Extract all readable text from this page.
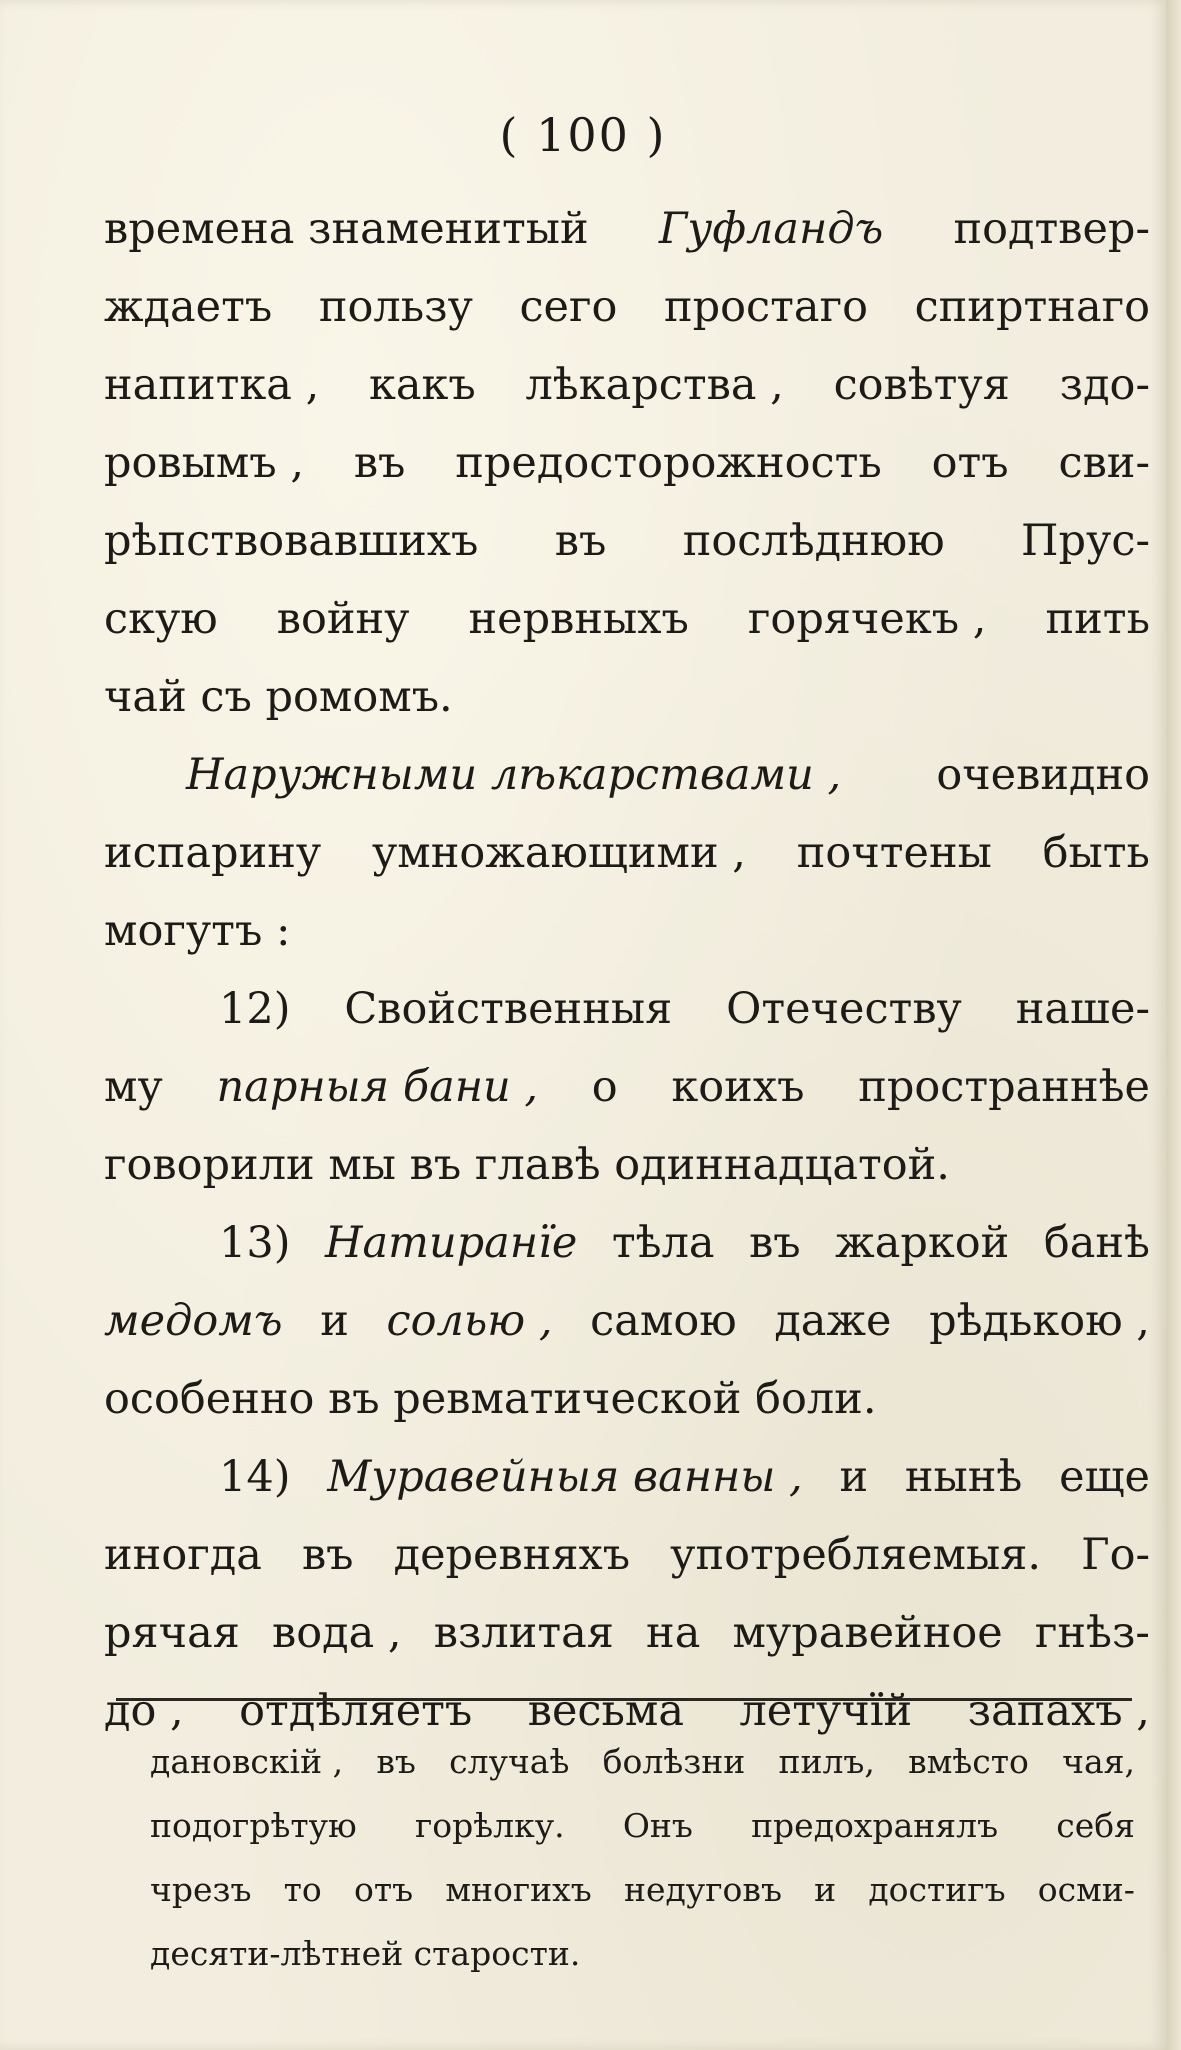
( 100 )
времена знаменитый Гуфландъ подтвер-
ждаетъ пользу сего простаго спиртнаго
напитка , какъ лѣкарства , совѣтуя здо-
ровымъ , въ предосторожность отъ сви-
рѣпствовавшихъ въ послѣднюю Прус-
скую войну нервныхъ горячекъ , пить
чай съ ромомъ.
Наружными лѣкарствами , очевидно
испарину умножающими , почтены быть
могутъ :
12) Свойственныя Отечеству наше-
му парныя бани , о коихъ пространнѣе
говорили мы въ главѣ одиннадцатой.
13) Натиранїе тѣла въ жаркой банѣ
медомъ и солью , самою даже рѣдькою ,
особенно въ ревматической боли.
14) Муравейныя ванны , и нынѣ еще
иногда въ деревняхъ употребляемыя. Го-
рячая вода , взлитая на муравейное гнѣз-
до , отдѣляетъ весьма летучїй запахъ ,
дановскій , въ случаѣ болѣзни пилъ, вмѣсто чая,
подогрѣтую горѣлку. Онъ предохранялъ себя
чрезъ то отъ многихъ недуговъ и достигъ осми-
десяти-лѣтней старости.
